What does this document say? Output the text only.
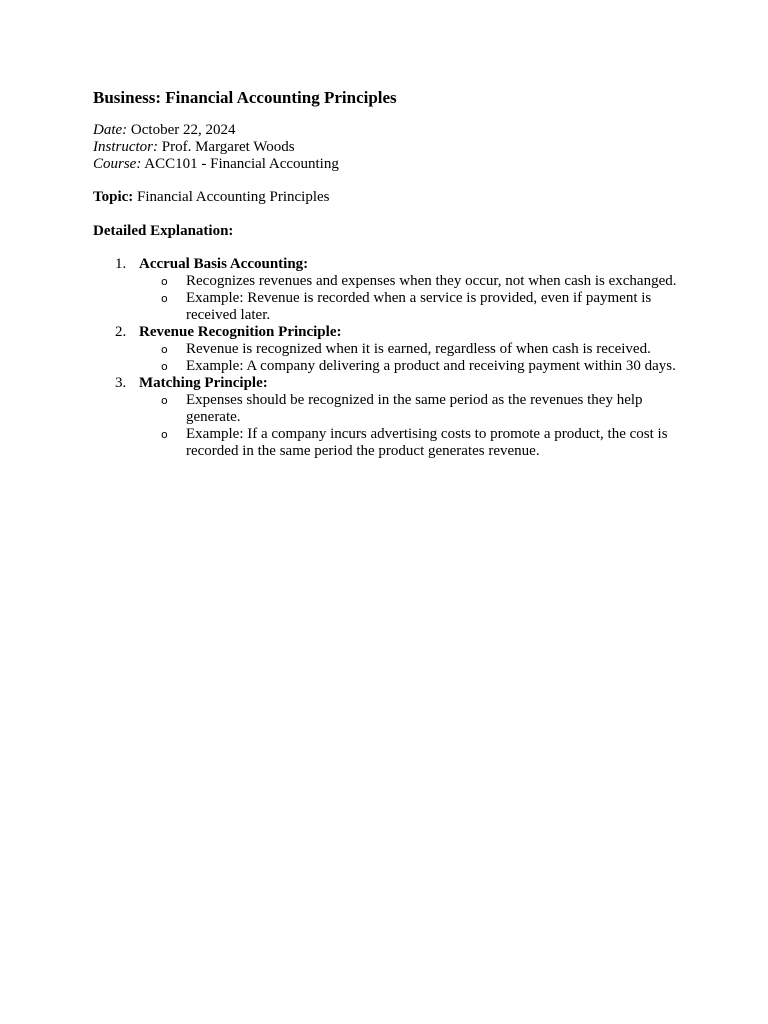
Business: Financial Accounting Principles

Date: October 22, 2024

Instructor: Prof. Margaret Woods

Course: ACC101 - Financial Accounting

Topic: Financial Accounting Principles

Detailed Explanation:

1. Accrual Basis Accounting:
o Recognizes revenues and expenses when they occur, not when cash is exchanged.
o Example: Revenue is recorded when a service is provided, even if payment is received later.
2. Revenue Recognition Principle:
o Revenue is recognized when it is earned, regardless of when cash is received.
o Example: A company delivering a product and receiving payment within 30 days.
3. Matching Principle:
o Expenses should be recognized in the same period as the revenues they help generate.
o Example: If a company incurs advertising costs to promote a product, the cost is recorded in the same period the product generates revenue.
